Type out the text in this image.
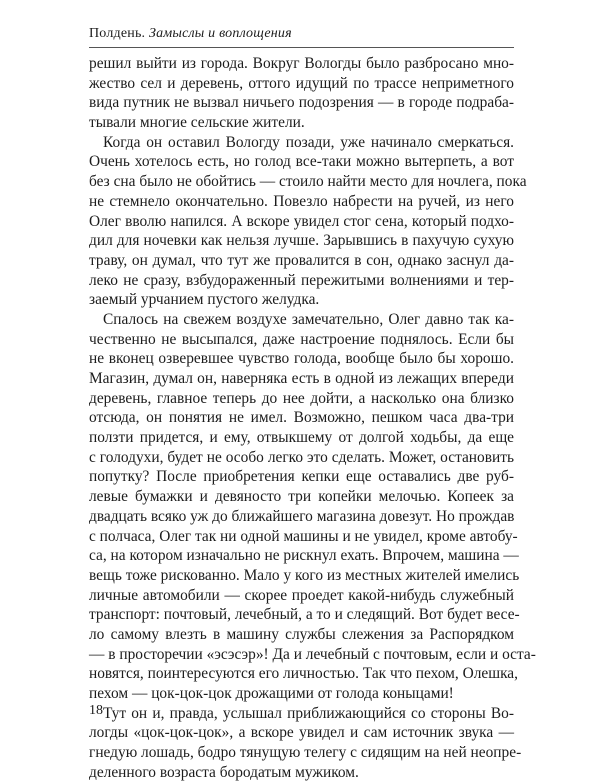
Полдень. Замыслы и воплощения
решил выйти из города. Вокруг Вологды было разбросано мно-
жество сел и деревень, оттого идущий по трассе неприметного
вида путник не вызвал ничьего подозрения — в городе подраба-
тывали многие сельские жители.
Когда он оставил Вологду позади, уже начинало смеркаться.
Очень хотелось есть, но голод все-таки можно вытерпеть, а вот
без сна было не обойтись — стоило найти место для ночлега, пока
не стемнело окончательно. Повезло набрести на ручей, из него
Олег вволю напился. А вскоре увидел стог сена, который подхо-
дил для ночевки как нельзя лучше. Зарывшись в пахучую сухую
траву, он думал, что тут же провалится в сон, однако заснул да-
леко не сразу, взбудораженный пережитыми волнениями и тер-
заемый урчанием пустого желудка.
Спалось на свежем воздухе замечательно, Олег давно так ка-
чественно не высыпался, даже настроение поднялось. Если бы
не вконец озверевшее чувство голода, вообще было бы хорошо.
Магазин, думал он, наверняка есть в одной из лежащих впереди
деревень, главное теперь до нее дойти, а насколько она близко
отсюда, он понятия не имел. Возможно, пешком часа два-три
ползти придется, и ему, отвыкшему от долгой ходьбы, да еще
с голодухи, будет не особо легко это сделать. Может, остановить
попутку? После приобретения кепки еще оставались две руб-
левые бумажки и девяносто три копейки мелочью. Копеек за
двадцать всяко уж до ближайшего магазина довезут. Но прождав
с полчаса, Олег так ни одной машины и не увидел, кроме автобу-
са, на котором изначально не рискнул ехать. Впрочем, машина —
вещь тоже рискованно. Мало у кого из местных жителей имелись
личные автомобили — скорее проедет какой-нибудь служебный
транспорт: почтовый, лечебный, а то и следящий. Вот будет весе-
ло самому влезть в машину службы слежения за Распорядком
— в просторечии «эсэсэр»! Да и лечебный с почтовым, если и оста-
новятся, поинтересуются его личностью. Так что пехом, Олешка,
пехом — цок-цок-цок дрожащими от голода коныцами!
Тут он и, правда, услышал приближающийся со стороны Во-
логды «цок-цок-цок», а вскоре увидел и сам источник звука —
гнедую лошадь, бодро тянущую телегу с сидящим на ней неопре-
деленного возраста бородатым мужиком.
18
